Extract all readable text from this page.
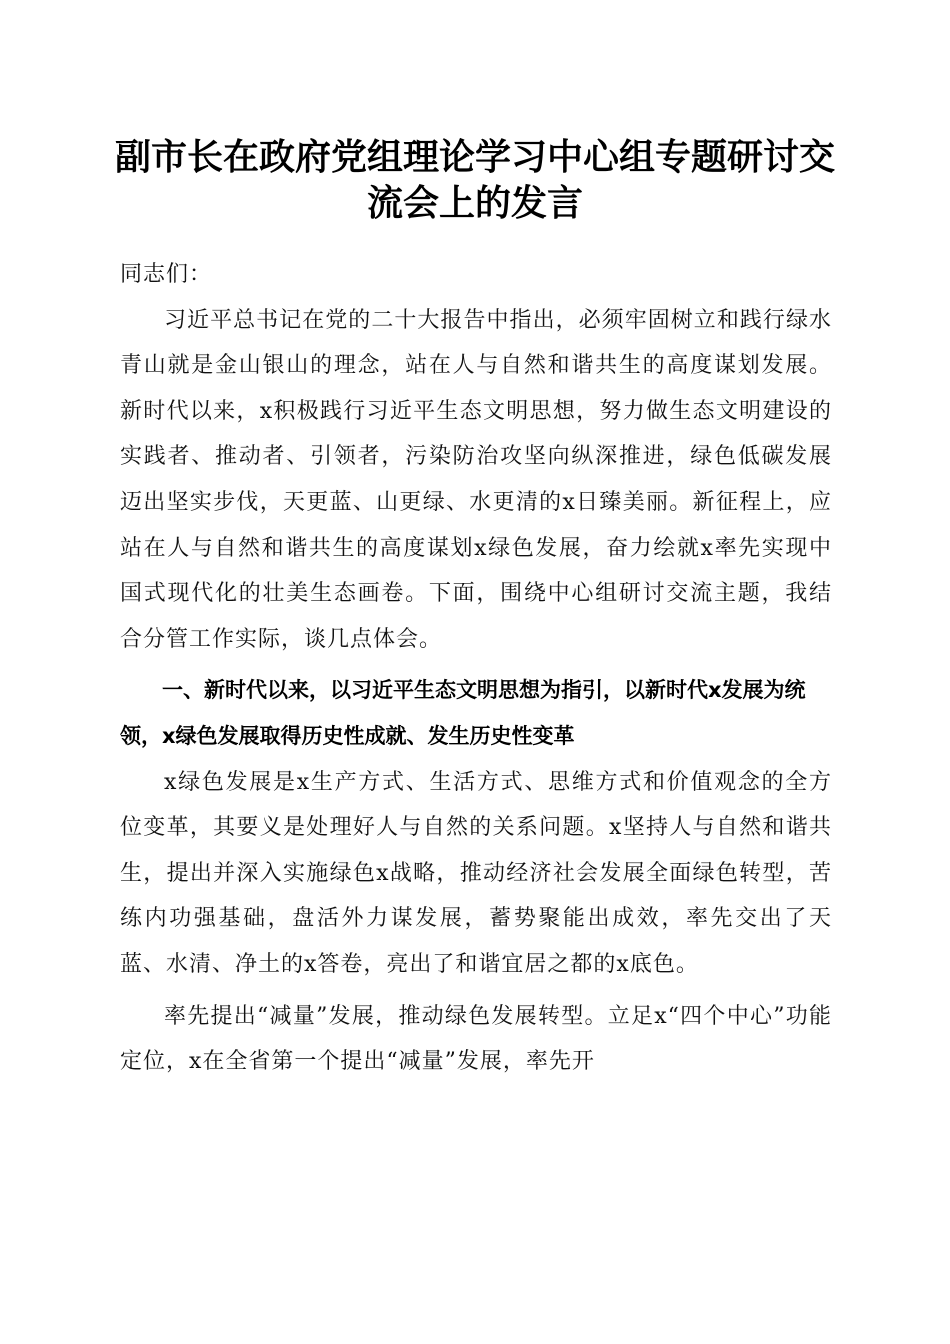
副市长在政府党组理论学习中心组专题研讨交流会上的发言

同志们：

习近平总书记在党的二十大报告中指出，必须牢固树立和践行绿水青山就是金山银山的理念，站在人与自然和谐共生的高度谋划发展。新时代以来，x积极践行习近平生态文明思想，努力做生态文明建设的实践者、推动者、引领者，污染防治攻坚向纵深推进，绿色低碳发展迈出坚实步伐，天更蓝、山更绿、水更清的x日臻美丽。新征程上，应站在人与自然和谐共生的高度谋划x绿色发展，奋力绘就x率先实现中国式现代化的壮美生态画卷。下面，围绕中心组研讨交流主题，我结合分管工作实际，谈几点体会。

一、新时代以来，以习近平生态文明思想为指引，以新时代x发展为统领，x绿色发展取得历史性成就、发生历史性变革

x绿色发展是x生产方式、生活方式、思维方式和价值观念的全方位变革，其要义是处理好人与自然的关系问题。x坚持人与自然和谐共生，提出并深入实施绿色x战略，推动经济社会发展全面绿色转型，苦练内功强基础，盘活外力谋发展，蓄势聚能出成效，率先交出了天蓝、水清、净土的x答卷，亮出了和谐宜居之都的x底色。

率先提出“减量”发展，推动绿色发展转型。立足x“四个中心”功能定位，x在全省第一个提出“减量”发展，率先开
